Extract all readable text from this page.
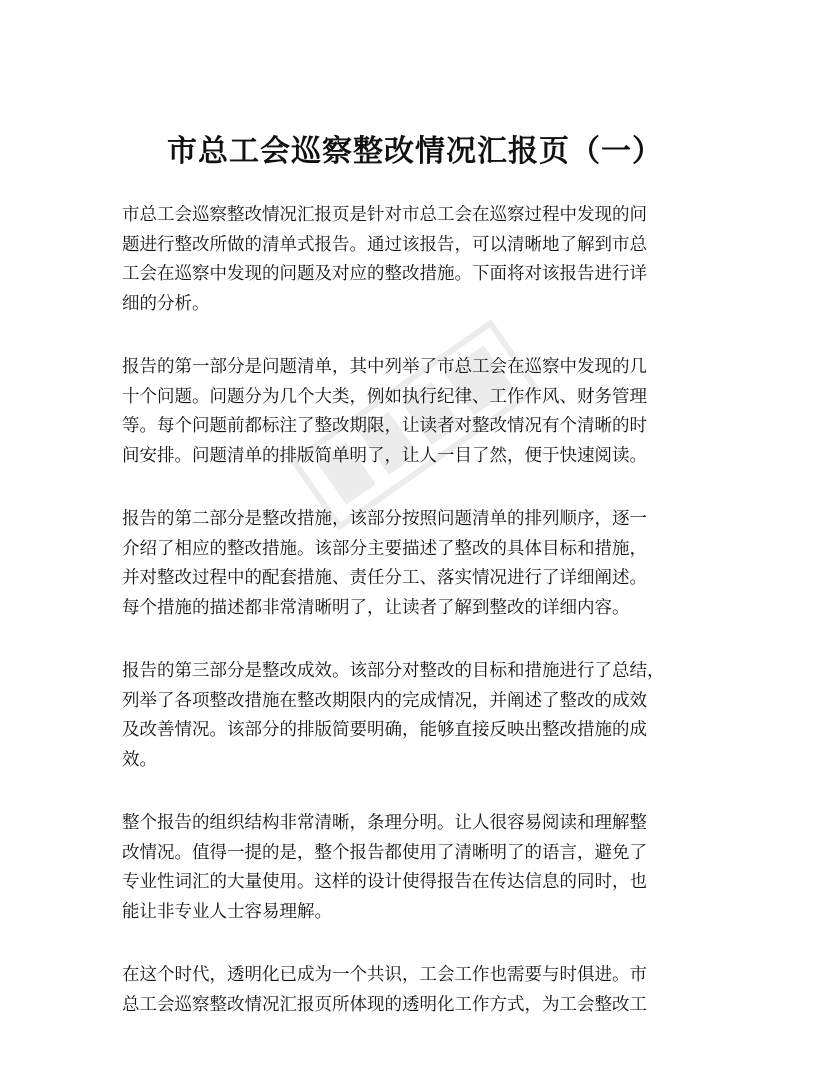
市总工会巡察整改情况汇报页（一）

市总工会巡察整改情况汇报页是针对市总工会在巡察过程中发现的问
题进行整改所做的清单式报告。通过该报告，可以清晰地了解到市总
工会在巡察中发现的问题及对应的整改措施。下面将对该报告进行详
细的分析。

报告的第一部分是问题清单，其中列举了市总工会在巡察中发现的几
十个问题。问题分为几个大类，例如执行纪律、工作作风、财务管理
等。每个问题前都标注了整改期限，让读者对整改情况有个清晰的时
间安排。问题清单的排版简单明了，让人一目了然，便于快速阅读。

报告的第二部分是整改措施，该部分按照问题清单的排列顺序，逐一
介绍了相应的整改措施。该部分主要描述了整改的具体目标和措施，
并对整改过程中的配套措施、责任分工、落实情况进行了详细阐述。
每个措施的描述都非常清晰明了，让读者了解到整改的详细内容。

报告的第三部分是整改成效。该部分对整改的目标和措施进行了总结，
列举了各项整改措施在整改期限内的完成情况，并阐述了整改的成效
及改善情况。该部分的排版简要明确，能够直接反映出整改措施的成
效。

整个报告的组织结构非常清晰，条理分明。让人很容易阅读和理解整
改情况。值得一提的是，整个报告都使用了清晰明了的语言，避免了
专业性词汇的大量使用。这样的设计使得报告在传达信息的同时，也
能让非专业人士容易理解。

在这个时代，透明化已成为一个共识，工会工作也需要与时俱进。市
总工会巡察整改情况汇报页所体现的透明化工作方式，为工会整改工
